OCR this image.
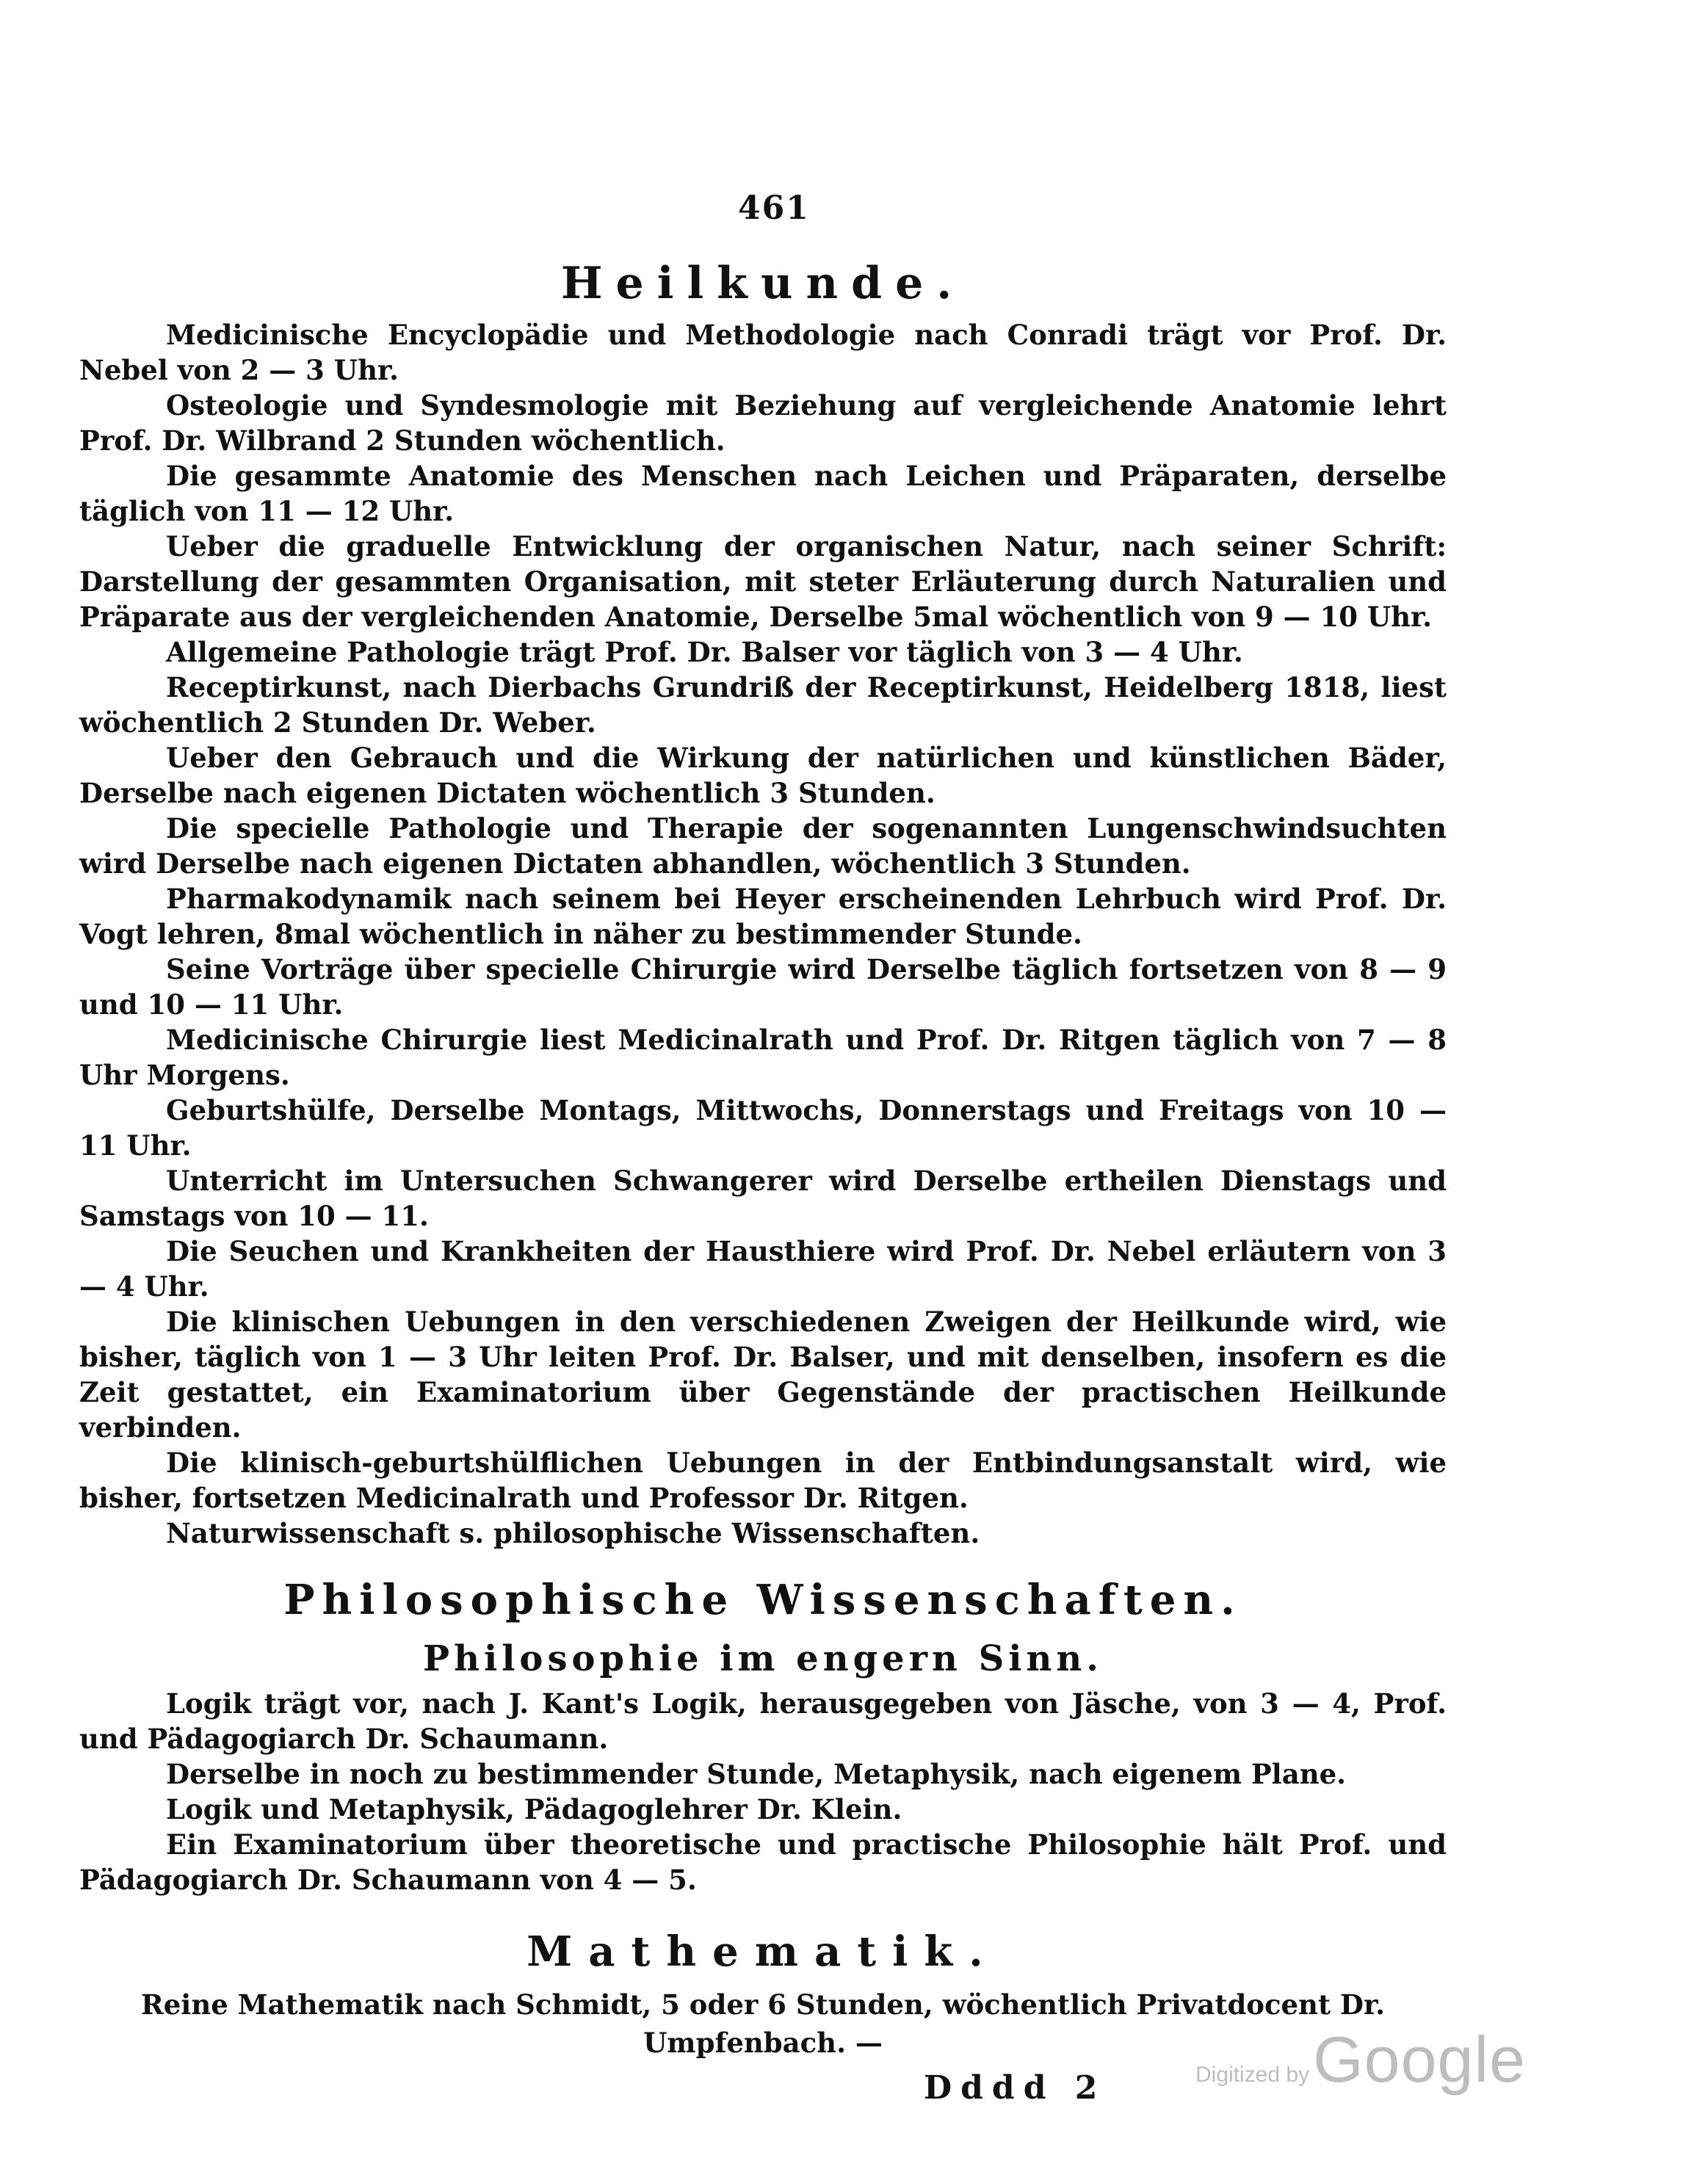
461
Heilkunde.

Medicinische Encyclopädie und Methodologie nach Conradi trägt vor Prof. Dr. Nebel von 2 — 3 Uhr.

Osteologie und Syndesmologie mit Beziehung auf vergleichende Anatomie lehrt Prof. Dr. Wilbrand 2 Stunden wöchentlich.

Die gesammte Anatomie des Menschen nach Leichen und Präparaten, derselbe täglich von 11 — 12 Uhr.

Ueber die graduelle Entwicklung der organischen Natur, nach seiner Schrift: Darstellung der gesammten Organisation, mit steter Erläuterung durch Naturalien und Präparate aus der vergleichenden Anatomie, Derselbe 5mal wöchentlich von 9 — 10 Uhr.

Allgemeine Pathologie trägt Prof. Dr. Balser vor täglich von 3 — 4 Uhr.

Receptirkunst, nach Dierbachs Grundriß der Receptirkunst, Heidelberg 1818, liest wöchentlich 2 Stunden Dr. Weber.

Ueber den Gebrauch und die Wirkung der natürlichen und künstlichen Bäder, Derselbe nach eigenen Dictaten wöchentlich 3 Stunden.

Die specielle Pathologie und Therapie der sogenannten Lungenschwindsuchten wird Derselbe nach eigenen Dictaten abhandlen, wöchentlich 3 Stunden.

Pharmakodynamik nach seinem bei Heyer erscheinenden Lehrbuch wird Prof. Dr. Vogt lehren, 8mal wöchentlich in näher zu bestimmender Stunde.

Seine Vorträge über specielle Chirurgie wird Derselbe täglich fortsetzen von 8 — 9 und 10 — 11 Uhr.

Medicinische Chirurgie liest Medicinalrath und Prof. Dr. Ritgen täglich von 7 — 8 Uhr Morgens.

Geburtshülfe, Derselbe Montags, Mittwochs, Donnerstags und Freitags von 10 — 11 Uhr.

Unterricht im Untersuchen Schwangerer wird Derselbe ertheilen Dienstags und Samstags von 10 — 11.

Die Seuchen und Krankheiten der Hausthiere wird Prof. Dr. Nebel erläutern von 3 — 4 Uhr.

Die klinischen Uebungen in den verschiedenen Zweigen der Heilkunde wird, wie bisher, täglich von 1 — 3 Uhr leiten Prof. Dr. Balser, und mit denselben, insofern es die Zeit gestattet, ein Examinatorium über Gegenstände der practischen Heilkunde verbinden.

Die klinisch-geburtshülflichen Uebungen in der Entbindungsanstalt wird, wie bisher, fortsetzen Medicinalrath und Professor Dr. Ritgen.

Naturwissenschaft s. philosophische Wissenschaften.

Philosophische Wissenschaften.
Philosophie im engern Sinn.

Logik trägt vor, nach J. Kant's Logik, herausgegeben von Jäsche, von 3 — 4, Prof. und Pädagogiarch Dr. Schaumann.

Derselbe in noch zu bestimmender Stunde, Metaphysik, nach eigenem Plane.

Logik und Metaphysik, Pädagoglehrer Dr. Klein.

Ein Examinatorium über theoretische und practische Philosophie hält Prof. und Pädagogiarch Dr. Schaumann von 4 — 5.

Mathematik.

Reine Mathematik nach Schmidt, 5 oder 6 Stunden, wöchentlich Privatdocent Dr. Umpfenbach. —

Dddd 2	Digitized by Google
